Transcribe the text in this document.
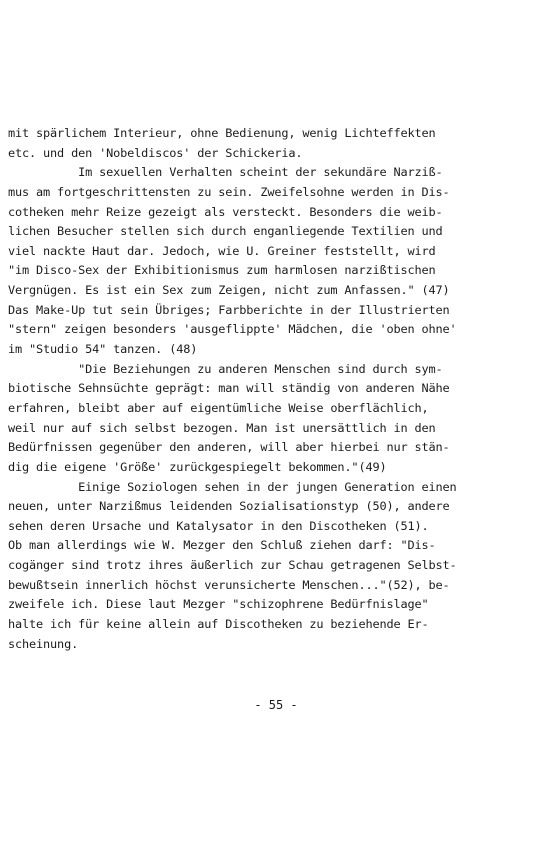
mit spärlichem Interieur, ohne Bedienung, wenig Lichteffekten
etc. und den 'Nobeldiscos' der Schickeria.
Im sexuellen Verhalten scheint der sekundäre Narziß-
mus am fortgeschrittensten zu sein. Zweifelsohne werden in Dis-
cotheken mehr Reize gezeigt als versteckt. Besonders die weib-
lichen Besucher stellen sich durch enganliegende Textilien und
viel nackte Haut dar. Jedoch, wie U. Greiner feststellt, wird
"im Disco-Sex der Exhibitionismus zum harmlosen narzißtischen
Vergnügen. Es ist ein Sex zum Zeigen, nicht zum Anfassen." (47)
Das Make-Up tut sein Übriges; Farbberichte in der Illustrierten
"stern" zeigen besonders 'ausgeflippte' Mädchen, die 'oben ohne'
im "Studio 54" tanzen. (48)
"Die Beziehungen zu anderen Menschen sind durch sym-
biotische Sehnsüchte geprägt: man will ständig von anderen Nähe
erfahren, bleibt aber auf eigentümliche Weise oberflächlich,
weil nur auf sich selbst bezogen. Man ist unersättlich in den
Bedürfnissen gegenüber den anderen, will aber hierbei nur stän-
dig die eigene 'Größe' zurückgespiegelt bekommen."(49)
Einige Soziologen sehen in der jungen Generation einen
neuen, unter Narzißmus leidenden Sozialisationstyp (50), andere
sehen deren Ursache und Katalysator in den Discotheken (51).
Ob man allerdings wie W. Mezger den Schluß ziehen darf: "Dis-
cogänger sind trotz ihres äußerlich zur Schau getragenen Selbst-
bewußtsein innerlich höchst verunsicherte Menschen..."(52), be-
zweifele ich. Diese laut Mezger "schizophrene Bedürfnislage"
halte ich für keine allein auf Discotheken zu beziehende Er-
scheinung.
- 55 -
